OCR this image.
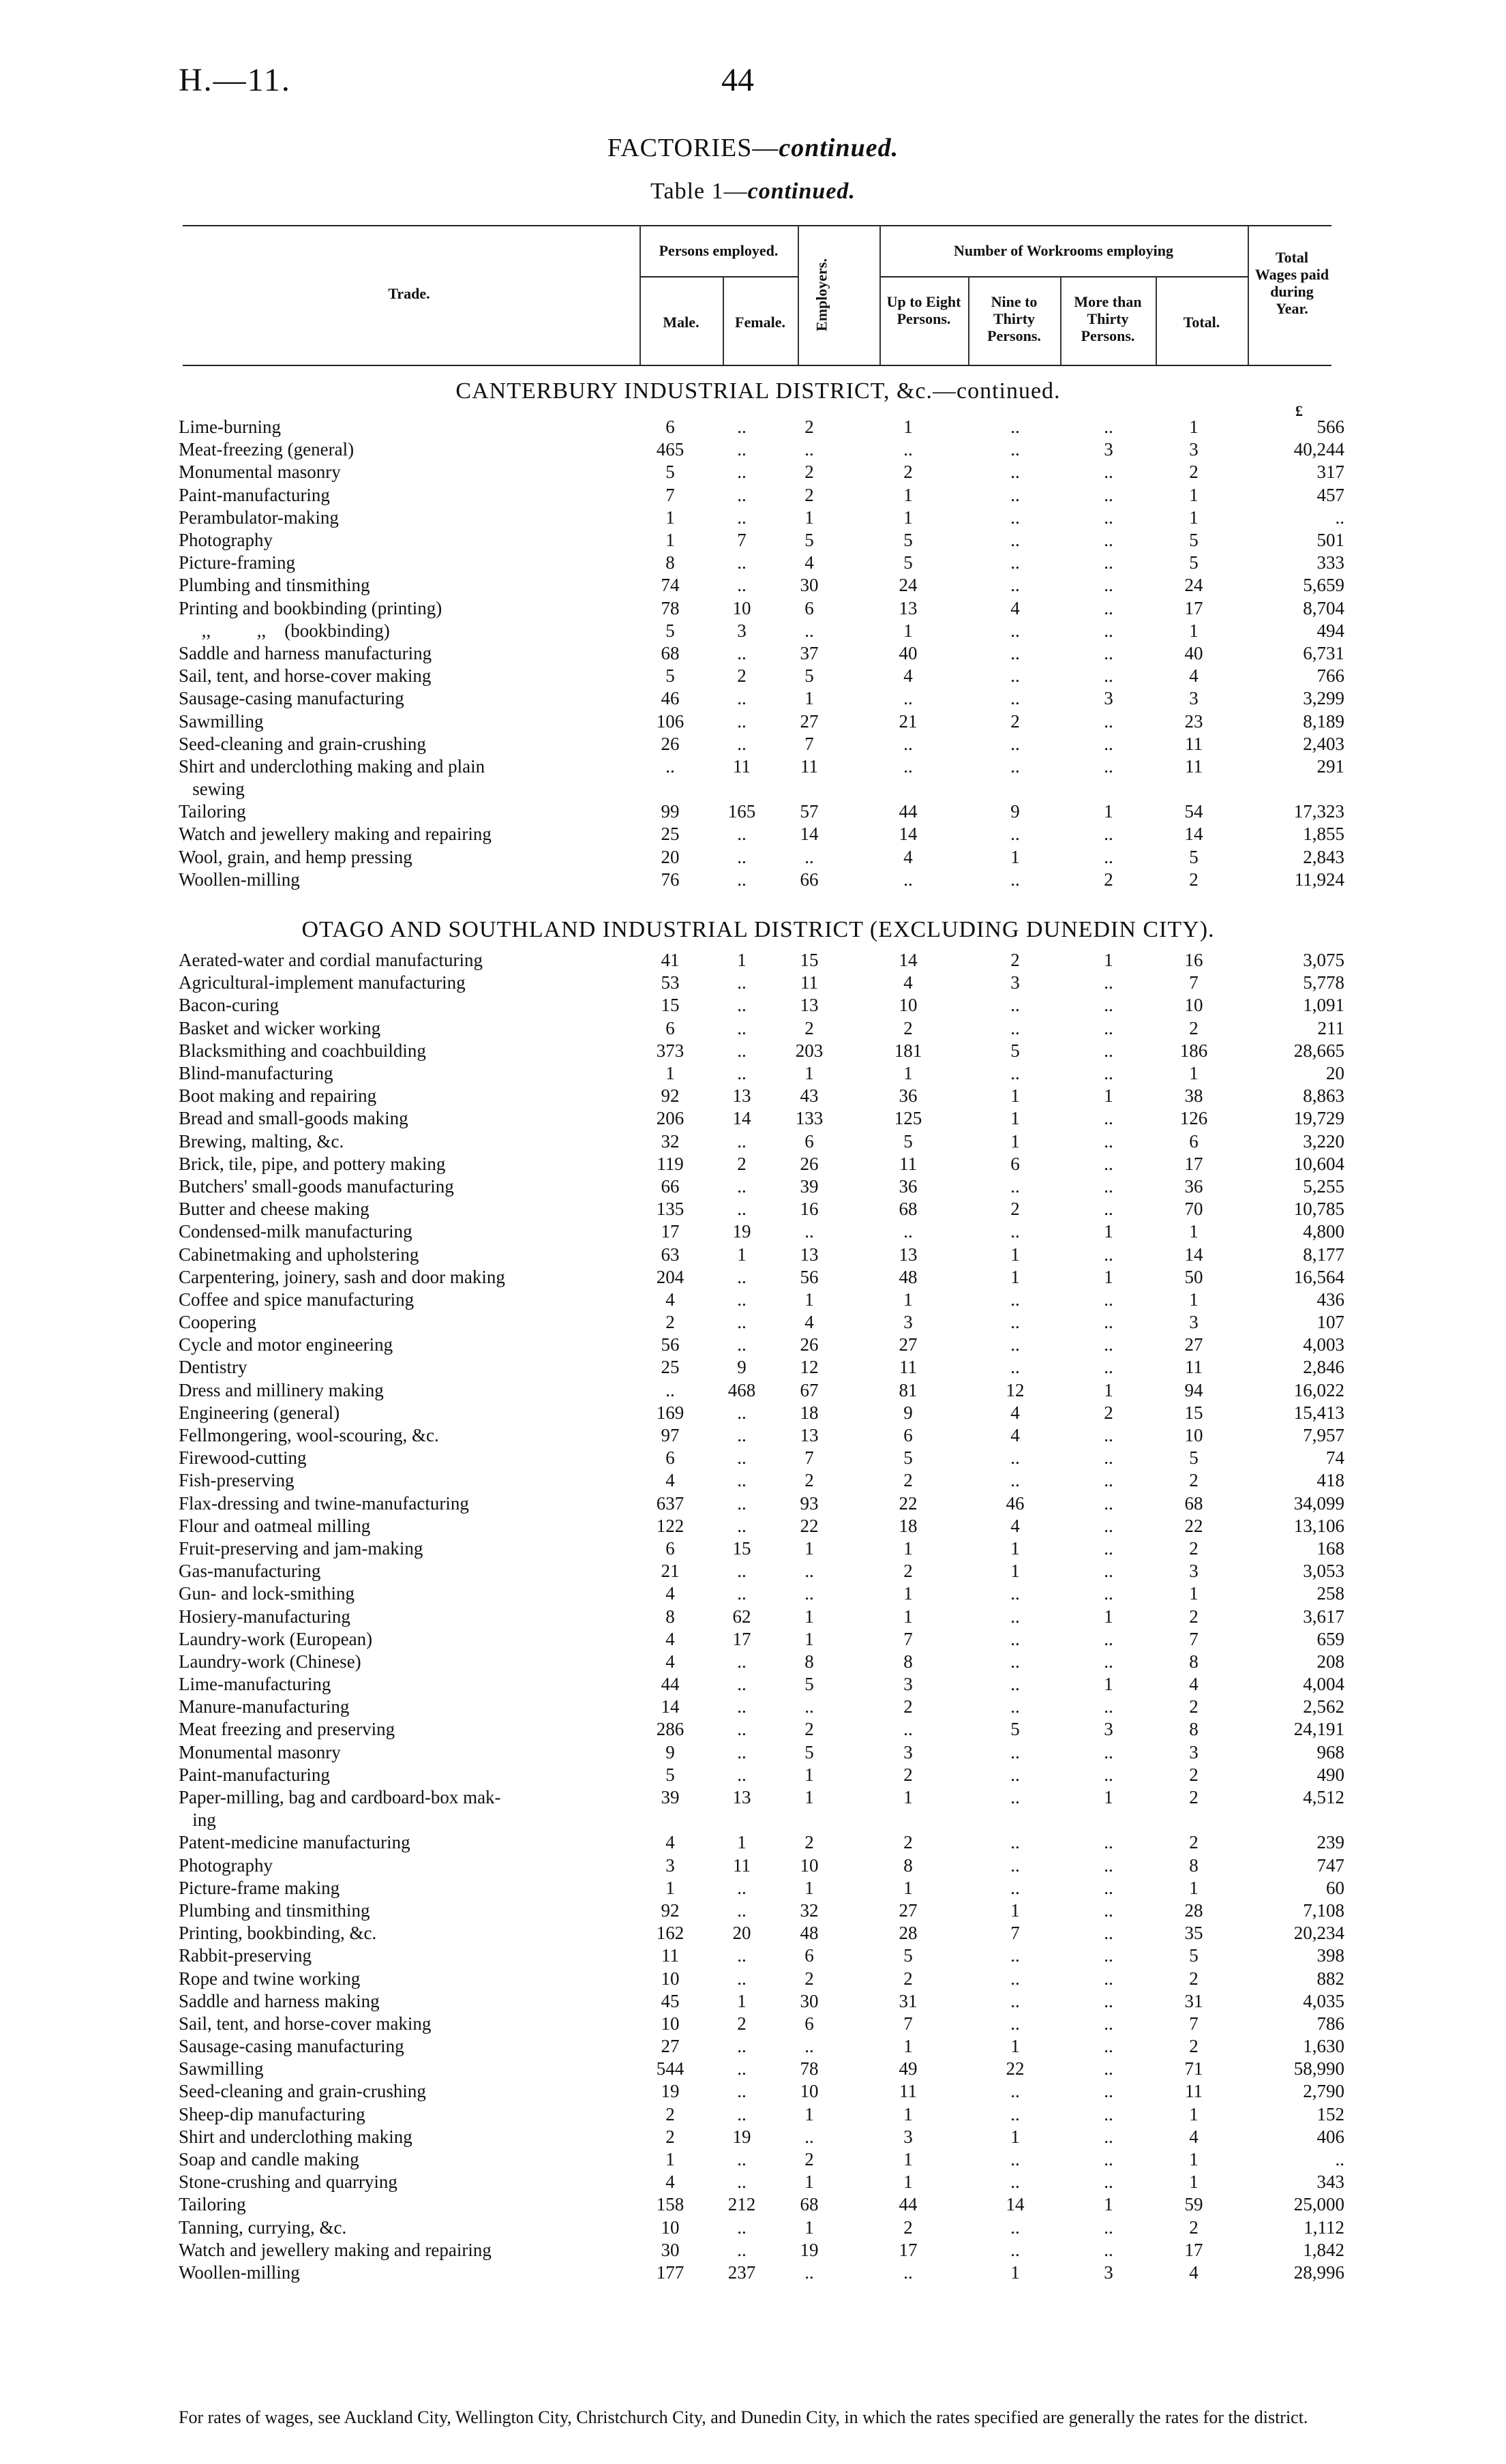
H.—11.	44
FACTORIES—continued.
Table 1—continued.
Trade.
Persons employed.
Male.	Female.	Employers.
Number of Workrooms employing
Up to Eight Persons.
Nine to Thirty Persons.
More than Thirty Persons.
Total.
Total Wages paid during Year.
CANTERBURY INDUSTRIAL DISTRICT, &c.—continued.
£
Lime-burning	6	..	2	1	..	..	1	566
Meat-freezing (general)	465	..	..	..	..	3	3	40,244
Monumental masonry	5	..	2	2	..	..	2	317
Paint-manufacturing	7	..	2	1	..	..	1	457
Perambulator-making	1	..	1	1	..	..	1	..
Photography	1	7	5	5	..	..	5	501
Picture-framing	8	..	4	5	..	..	5	333
Plumbing and tinsmithing	74	..	30	24	..	..	24	5,659
Printing and bookbinding (printing)	78	10	6	13	4	..	17	8,704
,,          ,,    (bookbinding)	5	3	..	1	..	..	1	494
Saddle and harness manufacturing	68	..	37	40	..	..	40	6,731
Sail, tent, and horse-cover making	5	2	5	4	..	..	4	766
Sausage-casing manufacturing	46	..	1	..	..	3	3	3,299
Sawmilling	106	..	27	21	2	..	23	8,189
Seed-cleaning and grain-crushing	26	..	7	..	..	..	11	2,403
Shirt and underclothing making and plain	..	11	11	..	..	..	11	291
sewing								
Tailoring	99	165	57	44	9	1	54	17,323
Watch and jewellery making and repairing	25	..	14	14	..	..	14	1,855
Wool, grain, and hemp pressing	20	..	..	4	1	..	5	2,843
Woollen-milling	76	..	66	..	..	2	2	11,924
OTAGO AND SOUTHLAND INDUSTRIAL DISTRICT (EXCLUDING DUNEDIN CITY).
Aerated-water and cordial manufacturing	41	1	15	14	2	1	16	3,075
Agricultural-implement manufacturing	53	..	11	4	3	..	7	5,778
Bacon-curing	15	..	13	10	..	..	10	1,091
Basket and wicker working	6	..	2	2	..	..	2	211
Blacksmithing and coachbuilding	373	..	203	181	5	..	186	28,665
Blind-manufacturing	1	..	1	1	..	..	1	20
Boot making and repairing	92	13	43	36	1	1	38	8,863
Bread and small-goods making	206	14	133	125	1	..	126	19,729
Brewing, malting, &c.	32	..	6	5	1	..	6	3,220
Brick, tile, pipe, and pottery making	119	2	26	11	6	..	17	10,604
Butchers' small-goods manufacturing	66	..	39	36	..	..	36	5,255
Butter and cheese making	135	..	16	68	2	..	70	10,785
Condensed-milk manufacturing	17	19	..	..	..	1	1	4,800
Cabinetmaking and upholstering	63	1	13	13	1	..	14	8,177
Carpentering, joinery, sash and door making	204	..	56	48	1	1	50	16,564
Coffee and spice manufacturing	4	..	1	1	..	..	1	436
Coopering	2	..	4	3	..	..	3	107
Cycle and motor engineering	56	..	26	27	..	..	27	4,003
Dentistry	25	9	12	11	..	..	11	2,846
Dress and millinery making	..	468	67	81	12	1	94	16,022
Engineering (general)	169	..	18	9	4	2	15	15,413
Fellmongering, wool-scouring, &c.	97	..	13	6	4	..	10	7,957
Firewood-cutting	6	..	7	5	..	..	5	74
Fish-preserving	4	..	2	2	..	..	2	418
Flax-dressing and twine-manufacturing	637	..	93	22	46	..	68	34,099
Flour and oatmeal milling	122	..	22	18	4	..	22	13,106
Fruit-preserving and jam-making	6	15	1	1	1	..	2	168
Gas-manufacturing	21	..	..	2	1	..	3	3,053
Gun- and lock-smithing	4	..	..	1	..	..	1	258
Hosiery-manufacturing	8	62	1	1	..	1	2	3,617
Laundry-work (European)	4	17	1	7	..	..	7	659
Laundry-work (Chinese)	4	..	8	8	..	..	8	208
Lime-manufacturing	44	..	5	3	..	1	4	4,004
Manure-manufacturing	14	..	..	2	..	..	2	2,562
Meat freezing and preserving	286	..	2	..	5	3	8	24,191
Monumental masonry	9	..	5	3	..	..	3	968
Paint-manufacturing	5	..	1	2	..	..	2	490
Paper-milling, bag and cardboard-box mak-	39	13	1	1	..	1	2	4,512
ing								
Patent-medicine manufacturing	4	1	2	2	..	..	2	239
Photography	3	11	10	8	..	..	8	747
Picture-frame making	1	..	1	1	..	..	1	60
Plumbing and tinsmithing	92	..	32	27	1	..	28	7,108
Printing, bookbinding, &c.	162	20	48	28	7	..	35	20,234
Rabbit-preserving	11	..	6	5	..	..	5	398
Rope and twine working	10	..	2	2	..	..	2	882
Saddle and harness making	45	1	30	31	..	..	31	4,035
Sail, tent, and horse-cover making	10	2	6	7	..	..	7	786
Sausage-casing manufacturing	27	..	..	1	1	..	2	1,630
Sawmilling	544	..	78	49	22	..	71	58,990
Seed-cleaning and grain-crushing	19	..	10	11	..	..	11	2,790
Sheep-dip manufacturing	2	..	1	1	..	..	1	152
Shirt and underclothing making	2	19	..	3	1	..	4	406
Soap and candle making	1	..	2	1	..	..	1	..
Stone-crushing and quarrying	4	..	1	1	..	..	1	343
Tailoring	158	212	68	44	14	1	59	25,000
Tanning, currying, &c.	10	..	1	2	..	..	2	1,112
Watch and jewellery making and repairing	30	..	19	17	..	..	17	1,842
Woollen-milling	177	237	..	..	1	3	4	28,996
For rates of wages, see Auckland City, Wellington City, Christchurch City, and Dunedin City, in which the rates specified are generally the rates for the district.
